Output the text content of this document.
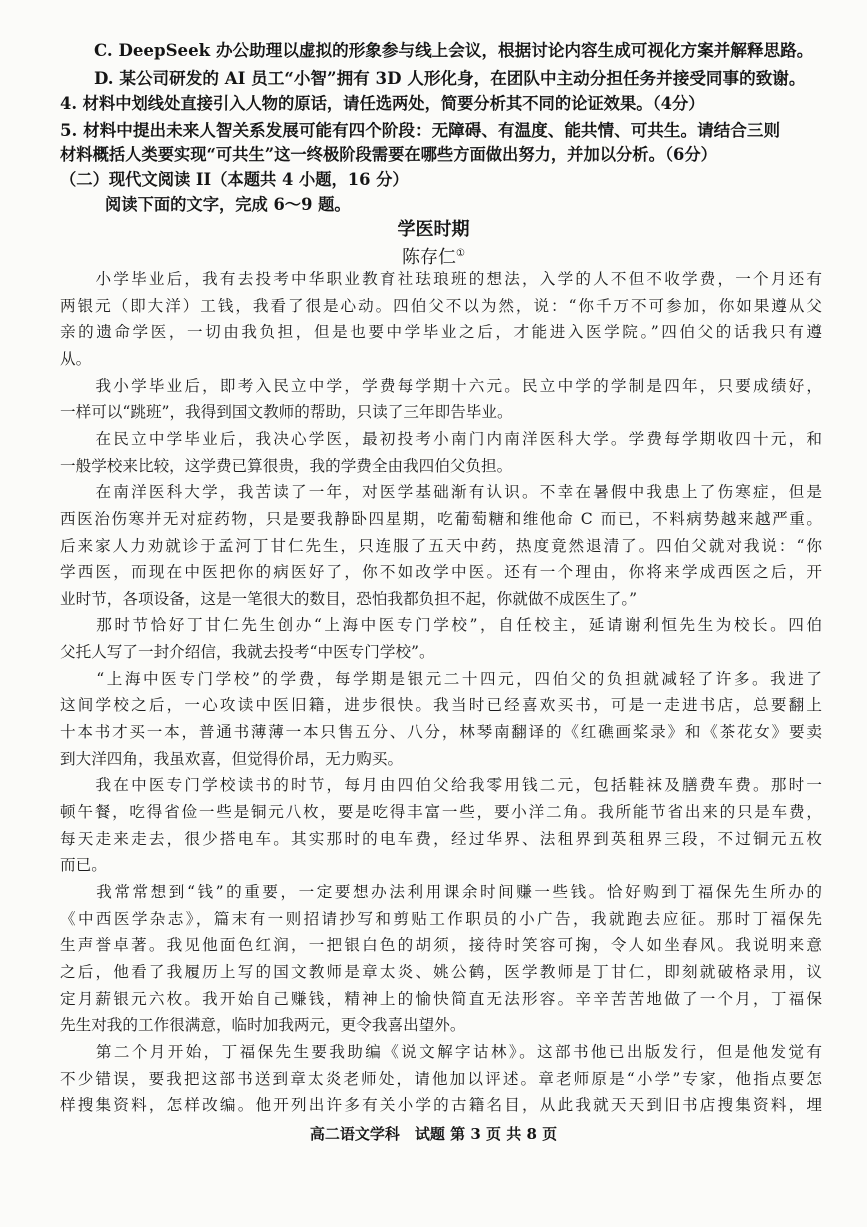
C. DeepSeek 办公助理以虚拟的形象参与线上会议，根据讨论内容生成可视化方案并解释思路。
D. 某公司研发的 AI 员工“小智”拥有 3D 人形化身，在团队中主动分担任务并接受同事的致谢。
4. 材料中划线处直接引入人物的原话，请任选两处，简要分析其不同的论证效果。（4分）
5. 材料中提出未来人智关系发展可能有四个阶段：无障碍、有温度、能共情、可共生。请结合三则
材料概括人类要实现“可共生”这一终极阶段需要在哪些方面做出努力，并加以分析。（6分）
（二）现代文阅读 II（本题共 4 小题，16 分）
阅读下面的文字，完成 6～9 题。
学医时期
陈存仁①
　　小学毕业后，我有去投考中华职业教育社珐琅班的想法，入学的人不但不收学费，一个月还有
两银元（即大洋）工钱，我看了很是心动。四伯父不以为然，说：“你千万不可参加，你如果遵从父
亲的遗命学医，一切由我负担，但是也要中学毕业之后，才能进入医学院。”四伯父的话我只有遵
从。
　　我小学毕业后，即考入民立中学，学费每学期十六元。民立中学的学制是四年，只要成绩好，
一样可以“跳班”，我得到国文教师的帮助，只读了三年即告毕业。
　　在民立中学毕业后，我决心学医，最初投考小南门内南洋医科大学。学费每学期收四十元，和
一般学校来比较，这学费已算很贵，我的学费全由我四伯父负担。
　　在南洋医科大学，我苦读了一年，对医学基础渐有认识。不幸在暑假中我患上了伤寒症，但是
西医治伤寒并无对症药物，只是要我静卧四星期，吃葡萄糖和维他命 C 而已，不料病势越来越严重。
后来家人力劝就诊于孟河丁甘仁先生，只连服了五天中药，热度竟然退清了。四伯父就对我说：“你
学西医，而现在中医把你的病医好了，你不如改学中医。还有一个理由，你将来学成西医之后，开
业时节，各项设备，这是一笔很大的数目，恐怕我都负担不起，你就做不成医生了。”
　　那时节恰好丁甘仁先生创办“上海中医专门学校”，自任校主，延请谢利恒先生为校长。四伯
父托人写了一封介绍信，我就去投考“中医专门学校”。
　　“上海中医专门学校”的学费，每学期是银元二十四元，四伯父的负担就减轻了许多。我进了
这间学校之后，一心攻读中医旧籍，进步很快。我当时已经喜欢买书，可是一走进书店，总要翻上
十本书才买一本，普通书薄薄一本只售五分、八分，林琴南翻译的《红礁画桨录》和《茶花女》要卖
到大洋四角，我虽欢喜，但觉得价昂，无力购买。
　　我在中医专门学校读书的时节，每月由四伯父给我零用钱二元，包括鞋袜及膳费车费。那时一
顿午餐，吃得省俭一些是铜元八枚，要是吃得丰富一些，要小洋二角。我所能节省出来的只是车费，
每天走来走去，很少搭电车。其实那时的电车费，经过华界、法租界到英租界三段，不过铜元五枚
而已。
　　我常常想到“钱”的重要，一定要想办法利用课余时间赚一些钱。恰好购到丁福保先生所办的
《中西医学杂志》，篇末有一则招请抄写和剪贴工作职员的小广告，我就跑去应征。那时丁福保先
生声誉卓著。我见他面色红润，一把银白色的胡须，接待时笑容可掬，令人如坐春风。我说明来意
之后，他看了我履历上写的国文教师是章太炎、姚公鹤，医学教师是丁甘仁，即刻就破格录用，议
定月薪银元六枚。我开始自己赚钱，精神上的愉快简直无法形容。辛辛苦苦地做了一个月，丁福保
先生对我的工作很满意，临时加我两元，更令我喜出望外。
　　第二个月开始，丁福保先生要我助编《说文解字诂林》。这部书他已出版发行，但是他发觉有
不少错误，要我把这部书送到章太炎老师处，请他加以评述。章老师原是“小学”专家，他指点要怎
样搜集资料，怎样改编。他开列出许多有关小学的古籍名目，从此我就天天到旧书店搜集资料，埋
高二语文学科　试题 第 3 页 共 8 页
